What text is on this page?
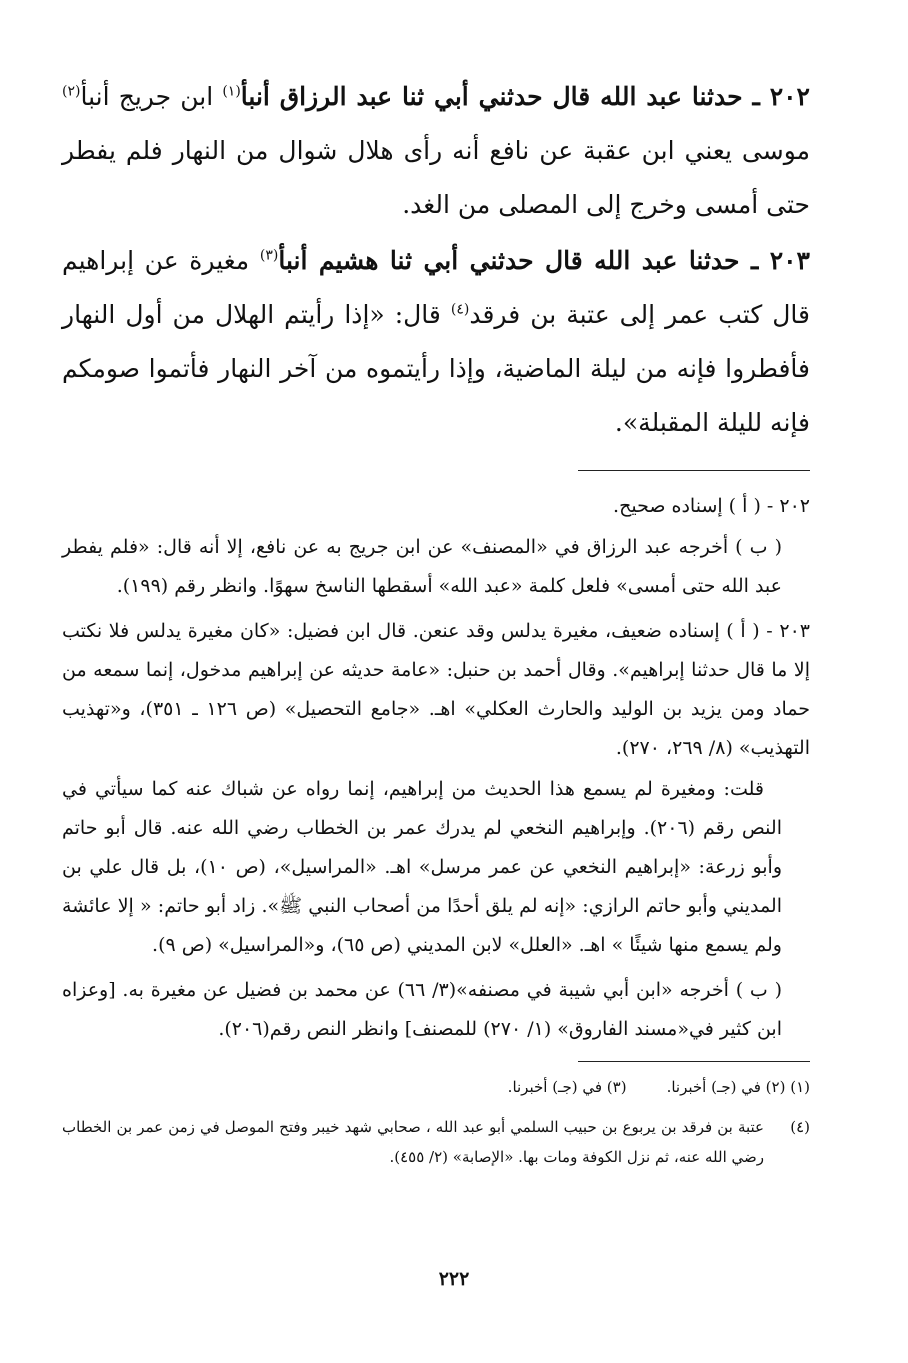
٢٠٢ ـ حدثنا عبد الله قال حدثني أبي ثنا عبد الرزاق أنبأ$^{(١)}$ ابن جريج أنبأ$^{(٢)}$ موسى يعني ابن عقبة عن نافع أنه رأى هلال شوال من النهار فلم يفطر حتى أمسى وخرج إلى المصلى من الغد.

٢٠٣ ـ حدثنا عبد الله قال حدثني أبي ثنا هشيم أنبأ$^{(٣)}$ مغيرة عن إبراهيم قال كتب عمر إلى عتبة بن فرقد$^{(٤)}$ قال: «إذا رأيتم الهلال من أول النهار فأفطروا فإنه من ليلة الماضية، وإذا رأيتموه من آخر النهار فأتموا صومكم فإنه لليلة المقبلة».

٢٠٢ - ( أ ) إسناده صحيح.

( ب ) أخرجه عبد الرزاق في «المصنف» عن ابن جريج به عن نافع، إلا أنه قال: «فلم يفطر عبد الله حتى أمسى» فلعل كلمة «عبد الله» أسقطها الناسخ سهوًا. وانظر رقم (١٩٩).

٢٠٣ - ( أ ) إسناده ضعيف، مغيرة يدلس وقد عنعن. قال ابن فضيل: «كان مغيرة يدلس فلا نكتب إلا ما قال حدثنا إبراهيم». وقال أحمد بن حنبل: «عامة حديثه عن إبراهيم مدخول، إنما سمعه من حماد ومن يزيد بن الوليد والحارث العكلي» اهـ. «جامع التحصيل» (ص ١٢٦ ـ ٣٥١)، و«تهذيب التهذيب» (٨/ ٢٦٩، ٢٧٠).

قلت: ومغيرة لم يسمع هذا الحديث من إبراهيم، إنما رواه عن شباك عنه كما سيأتي في النص رقم (٢٠٦). وإبراهيم النخعي لم يدرك عمر بن الخطاب رضي الله عنه. قال أبو حاتم وأبو زرعة: «إبراهيم النخعي عن عمر مرسل» اهـ. «المراسيل»، (ص ١٠)، بل قال علي بن المديني وأبو حاتم الرازي: «إنه لم يلق أحدًا من أصحاب النبي ﷺ». زاد أبو حاتم: « إلا عائشة ولم يسمع منها شيئًا » اهـ. «العلل» لابن المديني (ص ٦٥)، و«المراسيل» (ص ٩).

( ب ) أخرجه «ابن أبي شيبة في مصنفه»(٣/ ٦٦) عن محمد بن فضيل عن مغيرة به. [وعزاه ابن كثير في«مسند الفاروق» (١/ ٢٧٠) للمصنف] وانظر النص رقم(٢٠٦).

(١) (٢) في (جـ) أخبرنا.(٣) في (جـ) أخبرنا.

(٤)
عتبة بن فرقد بن يربوع بن حبيب السلمي أبو عبد الله ، صحابي شهد خيبر وفتح الموصل في زمن عمر بن الخطاب رضي الله عنه، ثم نزل الكوفة ومات بها. «الإصابة» (٢/ ٤٥٥).

٢٢٢
